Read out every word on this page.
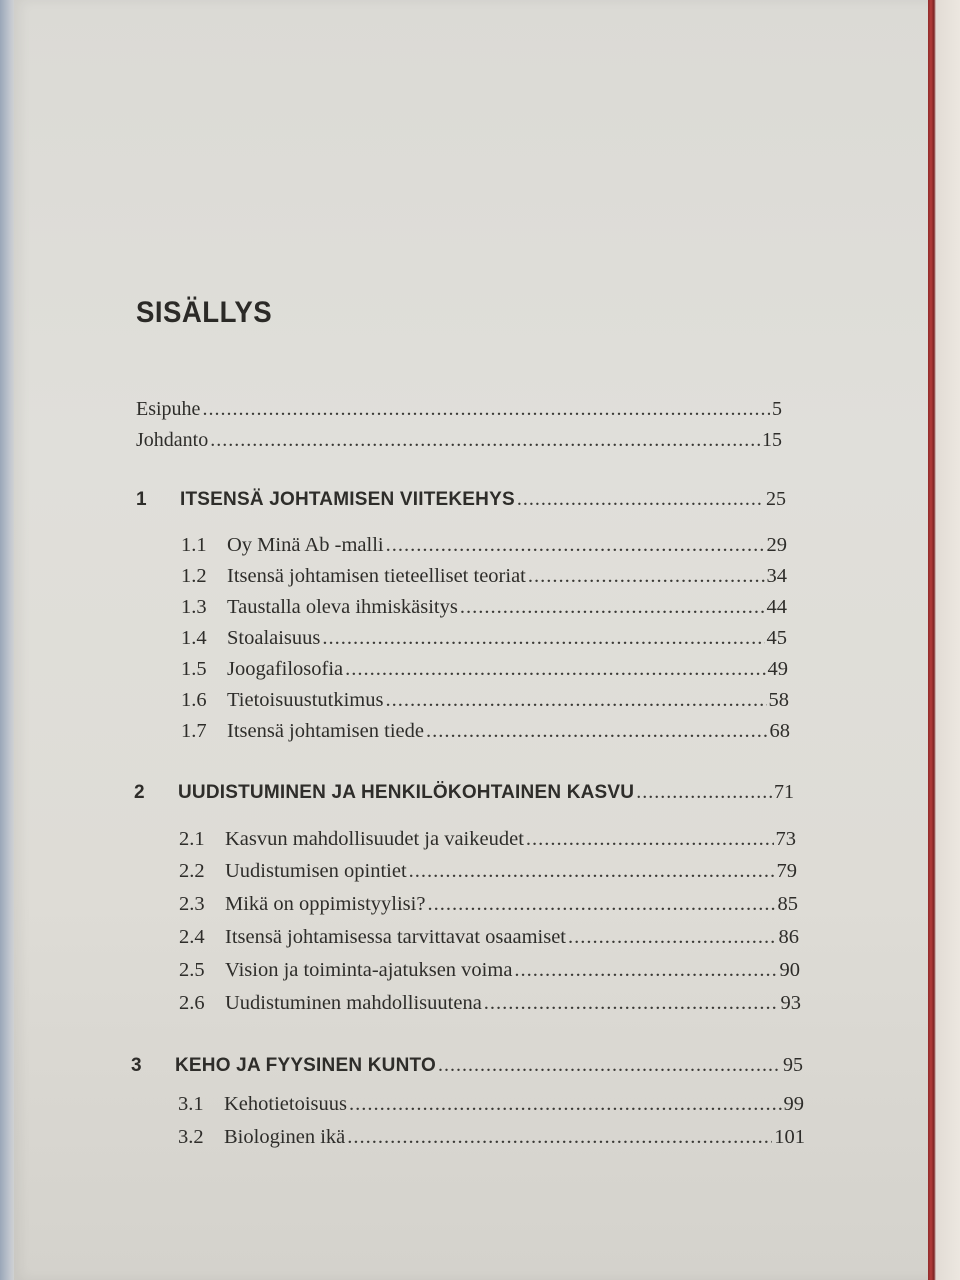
SISÄLLYS
Esipuhe .....	5
Johdanto .....	15
1	ITSENSÄ JOHTAMISEN VIITEKEHYS .....	25
1.1 Oy Minä Ab -malli .....	29
1.2 Itsensä johtamisen tieteelliset teoriat .....	34
1.3 Taustalla oleva ihmiskäsitys .....	44
1.4 Stoalaisuus .....	45
1.5 Joogafilosofia .....	49
1.6 Tietoisuustutkimus .....	58
1.7 Itsensä johtamisen tiede .....	68
2	UUDISTUMINEN JA HENKILÖKOHTAINEN KASVU .....	71
2.1 Kasvun mahdollisuudet ja vaikeudet .....	73
2.2 Uudistumisen opintiet .....	79
2.3 Mikä on oppimistyylisi? .....	85
2.4 Itsensä johtamisessa tarvittavat osaamiset .....	86
2.5 Vision ja toiminta-ajatuksen voima .....	90
2.6 Uudistuminen mahdollisuutena .....	93
3	KEHO JA FYYSINEN KUNTO .....	95
3.1 Kehotietoisuus .....	99
3.2 Biologinen ikä .....	101
